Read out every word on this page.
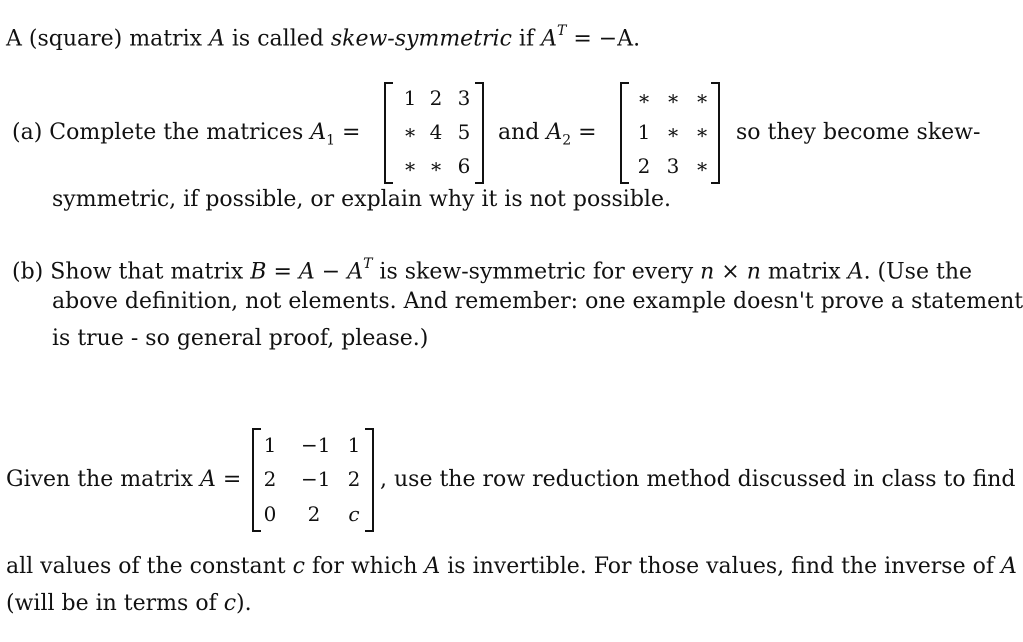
A (square) matrix A is called skew-symmetric if $A^T = -A$.
(a) Complete the matrices $A_1$ =
1 2 3
∗ 4 5
∗ ∗ 6
and $A_2$ =
∗ ∗ ∗
1 ∗ ∗
2 3 ∗
so they become skew-
symmetric, if possible, or explain why it is not possible.
(b) Show that matrix $B = A - A^T$ is skew-symmetric for every n × n matrix A. (Use the
above definition, not elements. And remember: one example doesn't prove a statement
is true - so general proof, please.)
Given the matrix A =
1	−1 1
2	−1 2
0	2	c
, use the row reduction method discussed in class to find
all values of the constant c for which A is invertible. For those values, find the inverse of A
(will be in terms of c).
